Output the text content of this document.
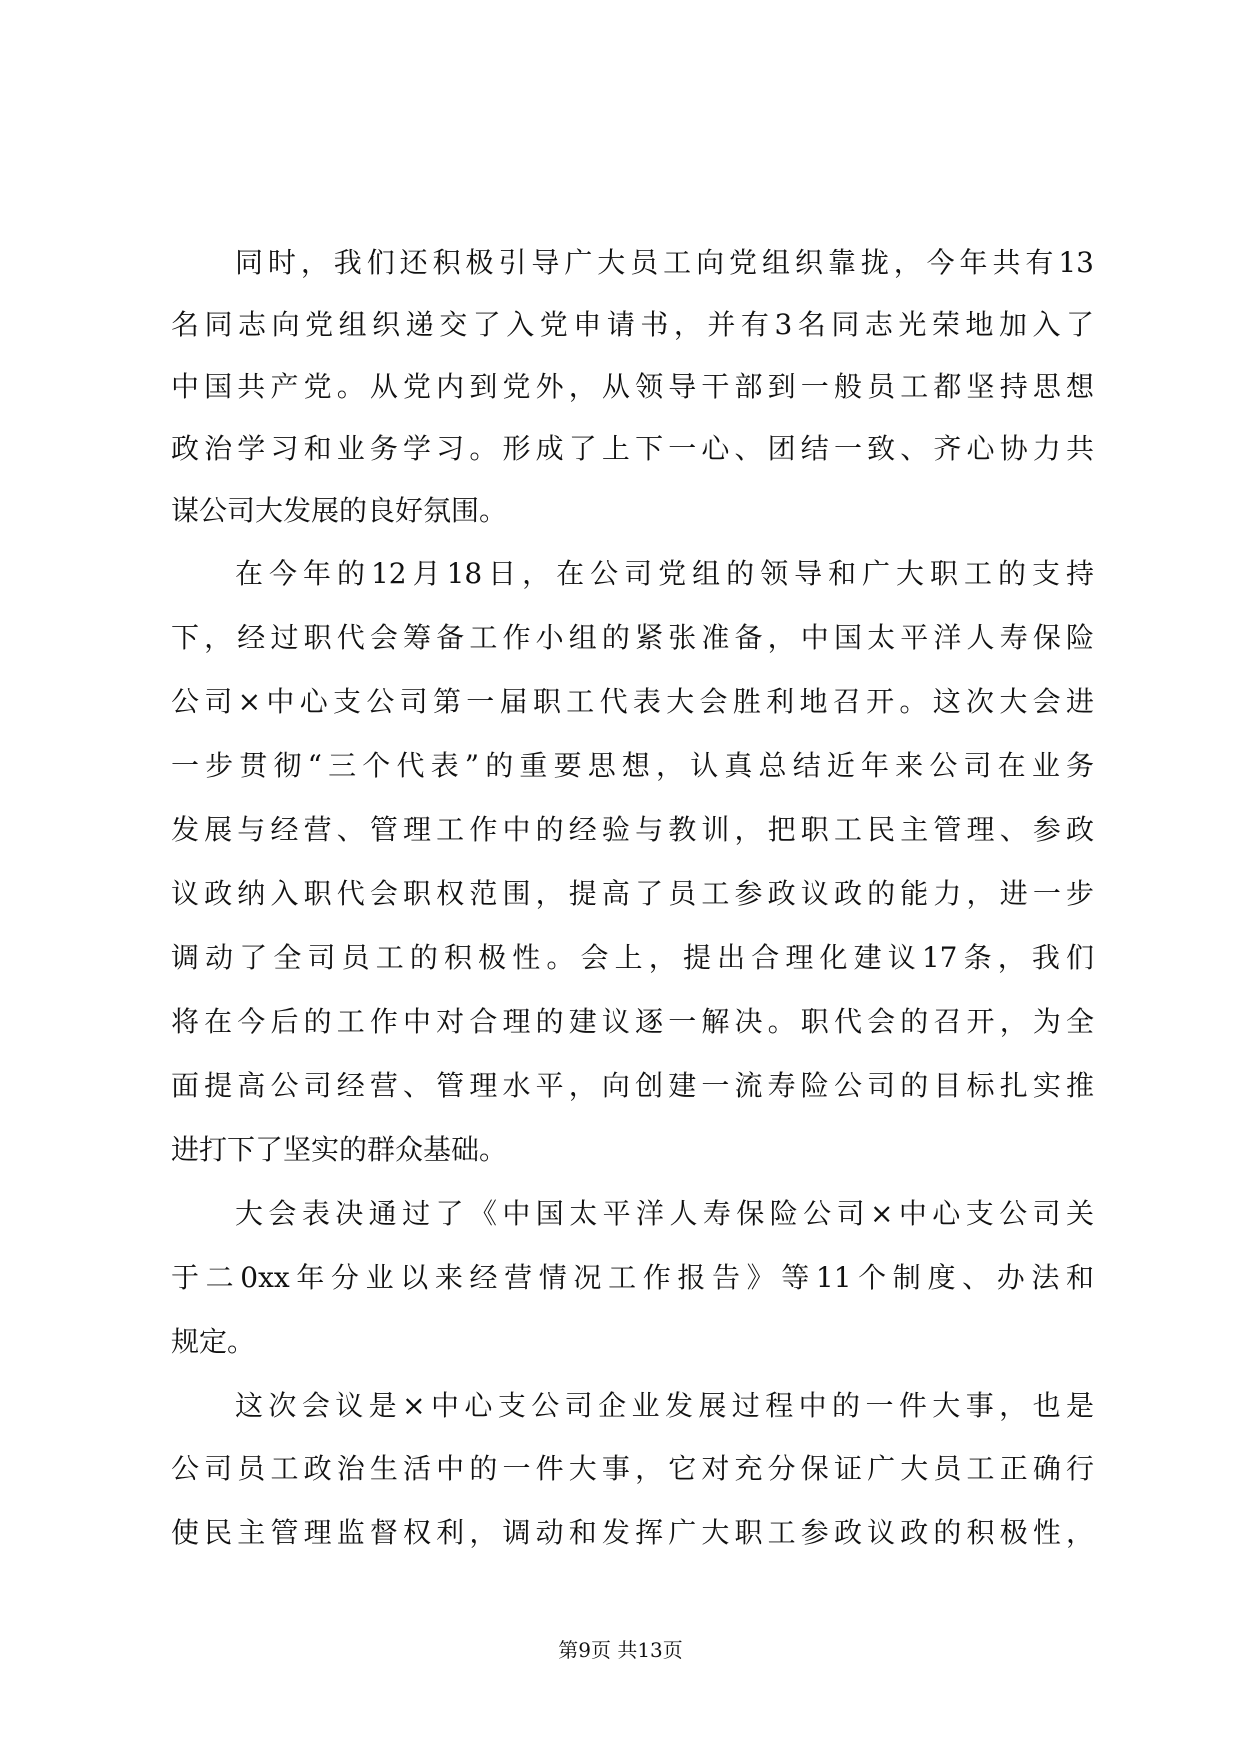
同时，我们还积极引导广大员工向党组织靠拢，今年共有13
名同志向党组织递交了入党申请书，并有3名同志光荣地加入了
中国共产党。从党内到党外，从领导干部到一般员工都坚持思想
政治学习和业务学习。形成了上下一心、团结一致、齐心协力共
谋公司大发展的良好氛围。
在今年的12月18日，在公司党组的领导和广大职工的支持
下，经过职代会筹备工作小组的紧张准备，中国太平洋人寿保险
公司×中心支公司第一届职工代表大会胜利地召开。这次大会进
一步贯彻“三个代表”的重要思想，认真总结近年来公司在业务
发展与经营、管理工作中的经验与教训，把职工民主管理、参政
议政纳入职代会职权范围，提高了员工参政议政的能力，进一步
调动了全司员工的积极性。会上，提出合理化建议17条，我们
将在今后的工作中对合理的建议逐一解决。职代会的召开，为全
面提高公司经营、管理水平，向创建一流寿险公司的目标扎实推
进打下了坚实的群众基础。
大会表决通过了《中国太平洋人寿保险公司×中心支公司关
于二0xx年分业以来经营情况工作报告》等11个制度、办法和
规定。
这次会议是×中心支公司企业发展过程中的一件大事，也是
公司员工政治生活中的一件大事，它对充分保证广大员工正确行
使民主管理监督权利，调动和发挥广大职工参政议政的积极性，
第9页 共13页
